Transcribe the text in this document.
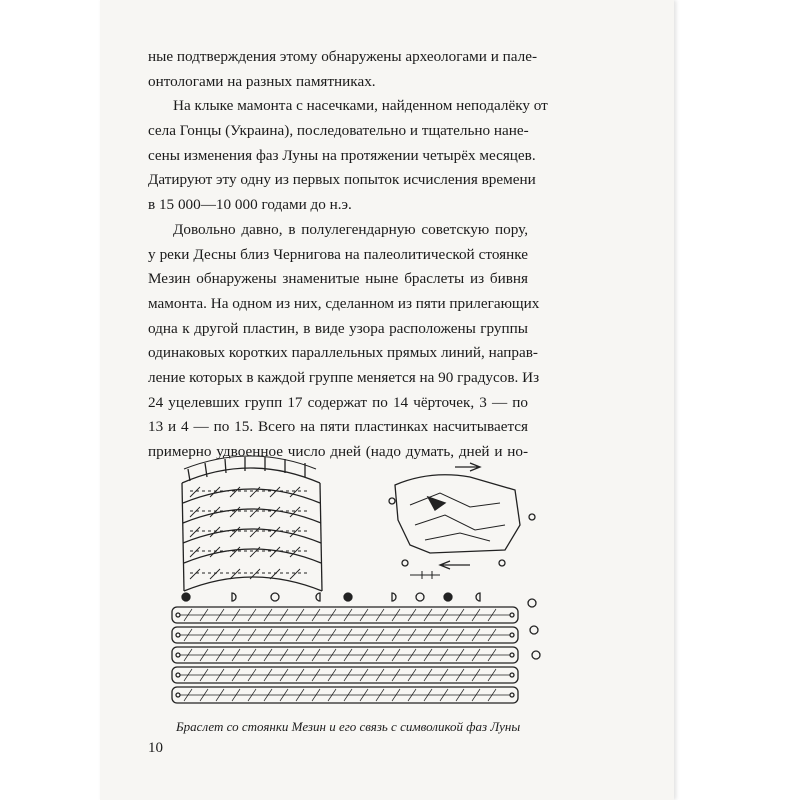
ные подтверждения этому обнаружены археологами и пале-
онтологами на разных памятниках.
На клыке мамонта с насечками, найденном неподалёку от
села Гонцы (Украина), последовательно и тщательно нане-
сены изменения фаз Луны на протяжении четырёх месяцев.
Датируют эту одну из первых попыток исчисления времени
в 15 000—10 000 годами до н.э.
Довольно давно, в полулегендарную советскую пору,
у реки Десны близ Чернигова на палеолитической стоянке
Мезин обнаружены знаменитые ныне браслеты из бивня
мамонта. На одном из них, сделанном из пяти прилегающих
одна к другой пластин, в виде узора расположены группы
одинаковых коротких параллельных прямых линий, направ-
ление которых в каждой группе меняется на 90 градусов. Из
24 уцелевших групп 17 содержат по 14 чёрточек, 3 — по
13 и 4 — по 15. Всего на пяти пластинках насчитывается
примерно удвоенное число дней (надо думать, дней и но-
Браслет со стоянки Мезин и его связь с символикой фаз Луны
10
